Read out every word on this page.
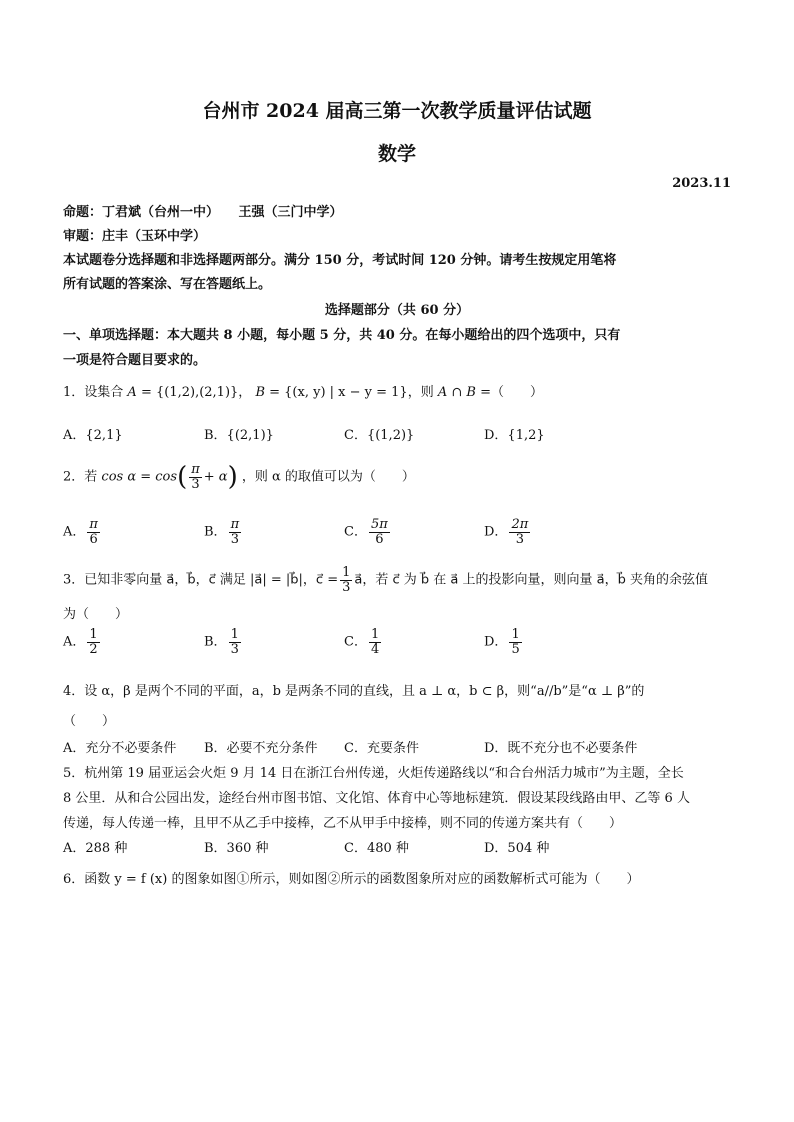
台州市 2024 届高三第一次教学质量评估试题
数学
2023.11
命题：丁君斌（台州一中）　　王强（三门中学）
审题：庄丰（玉环中学）
本试题卷分选择题和非选择题两部分。满分 150 分，考试时间 120 分钟。请考生按规定用笔将
所有试题的答案涂、写在答题纸上。
选择题部分（共 60 分）
一、单项选择题：本大题共 8 小题，每小题 5 分，共 40 分。在每小题给出的四个选项中，只有
一项是符合题目要求的。
1．设集合 A = {(1,2),(2,1)}， B = {(x, y) | x − y = 1}，则 A ∩ B =（　　）
A．{2,1}	B．{(2,1)}	C．{(1,2)}	D．{1,2}
2．若 $\cos \alpha = \cos( \frac{\pi}{3} + \alpha)$ ，则 α 的取值可以为（　　）
A． $\frac{\pi}{6}$	B． $\frac{\pi}{3}$	C． $\frac{5\pi}{6}$	D． $\frac{2\pi}{3}$
3．已知非零向量 a⃗，b⃗，c⃗ 满足 |a⃗| = |b⃗|，c⃗ = $\frac{1}{3}$ a⃗，若 c⃗ 为 b⃗ 在 a⃗ 上的投影向量，则向量 a⃗，b⃗ 夹角的余弦值
为（　　）
A． $\frac{1}{2}$	B． $\frac{1}{3}$	C． $\frac{1}{4}$	D． $\frac{1}{5}$
4．设 α，β 是两个不同的平面，a，b 是两条不同的直线，且 a ⊥ α，b ⊂ β，则“a//b”是“α ⊥ β”的
（　　）
A．充分不必要条件 B．必要不充分条件 C．充要条件	D．既不充分也不必要条件
5．杭州第 19 届亚运会火炬 9 月 14 日在浙江台州传递，火炬传递路线以“和合台州活力城市”为主题，全长
8 公里．从和合公园出发，途经台州市图书馆、文化馆、体育中心等地标建筑．假设某段线路由甲、乙等 6 人
传递，每人传递一棒，且甲不从乙手中接棒，乙不从甲手中接棒，则不同的传递方案共有（　　）
A．288 种	B．360 种	C．480 种	D．504 种
6．函数 y = f (x) 的图象如图①所示，则如图②所示的函数图象所对应的函数解析式可能为（　　）
